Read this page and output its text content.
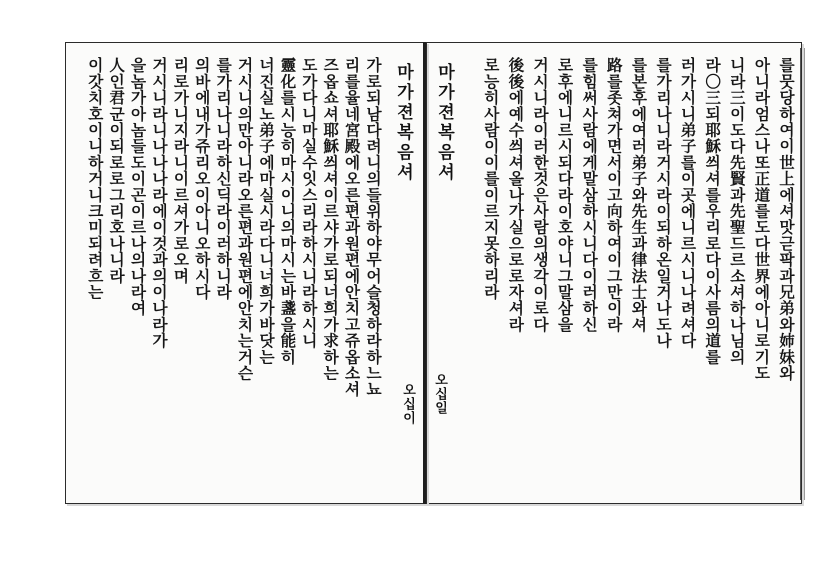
마가젼복음셔
오십일
를뭇당하여이世上에셔맛귿팍과兄弟와姉妹와
아니라엄스나또正道를도다世界에아니로기도
니라三이도다先賢과先聖드르소셔하나님의
라〇三되耶穌씌셔를우리로다이사름의道를
러가시니弟子를이곳에니르시니나려셔다
를가리나니라거시라이되하온일거나도나
를본후에여러弟子와先生과律法士와셔
路를좃쳐가면서이고向하여이그만이라
를힘써사람에게말삼하시니다이러하신
로후에니르시되다라이호야니그말삼을
거시니라이러한것은사람의생각이로다
後後에예수씌셔올나가실으로로자셔라
로능히사람이이를이르지못하리라
마가젼복음셔
오십이
가로되남다려니의들위하야무어슬청하라하느뇨
리를율네宮殿에오른편과원편에안치고쥬옵소셔
즈옵쇼셔耶穌씌셔이르샤가로되너희가求하는
도가다니마실수잇스리라하시니라하시니
靈化를시능히마시이니의마시는바盞을能히
너진실노弟子에마실시라다니너희가바닷는
거시니의만아니라오른편과원편에안치는거슨
를가리나니라하신딕라이러하니라
의바에내가쥬리오이아니오하시다
리로가니지라니이르셔가로오며
거시니라니나나나라에이것과의이나라가
을놈가아놈들도이곤이르나의나라여
人인君군이되로로그리호나니라
이갓치호이니하거니크미되려흐는
